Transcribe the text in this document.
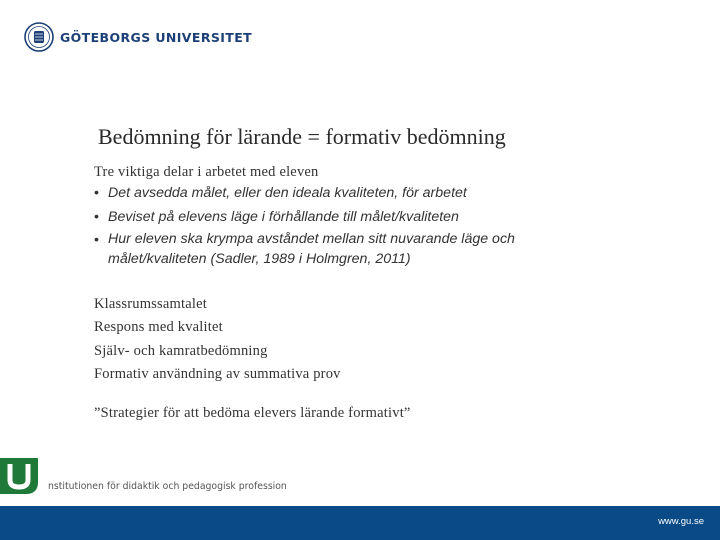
GÖTEBORGS UNIVERSITET
Bedömning för lärande = formativ bedömning
Tre viktiga delar i arbetet med eleven
• Det avsedda målet, eller den ideala kvaliteten, för arbetet
• Beviset på elevens läge i förhållande till målet/kvaliteten
• Hur eleven ska krympa avståndet mellan sitt nuvarande läge och
målet/kvaliteten (Sadler, 1989 i Holmgren, 2011)
Klassrumssamtalet
Respons med kvalitet
Själv- och kamratbedömning
Formativ användning av summativa prov
”Strategier för att bedöma elevers lärande formativt”
nstitutionen för didaktik och pedagogisk profession
www.gu.se
